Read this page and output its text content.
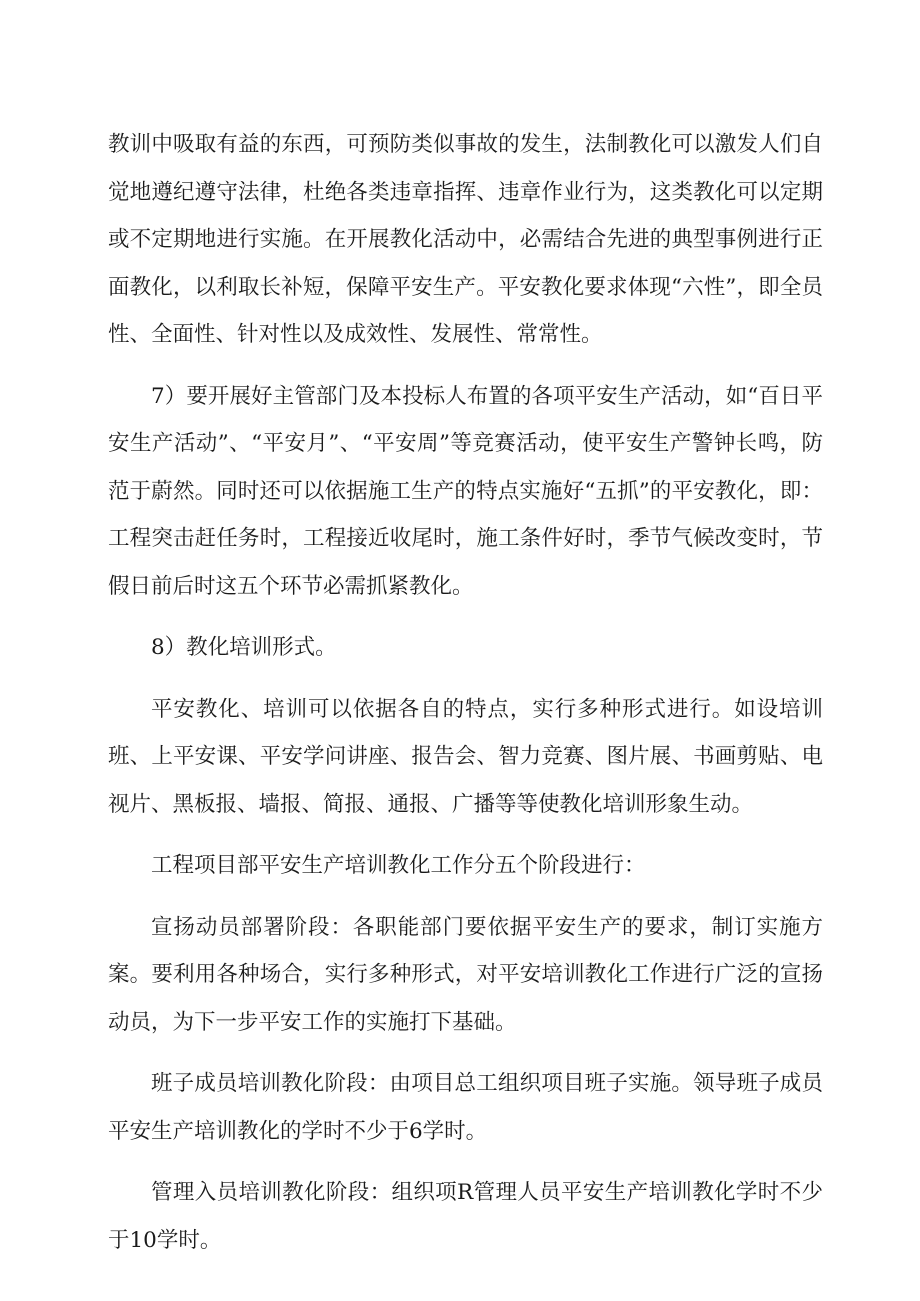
教训中吸取有益的东西，可预防类似事故的发生，法制教化可以激发人们自觉地遵纪遵守法律，杜绝各类违章指挥、违章作业行为，这类教化可以定期或不定期地进行实施。在开展教化活动中，必需结合先进的典型事例进行正面教化，以利取长补短，保障平安生产。平安教化要求体现“六性”，即全员性、全面性、针对性以及成效性、发展性、常常性。

7）要开展好主管部门及本投标人布置的各项平安生产活动，如“百日平安生产活动”、“平安月”、“平安周”等竞赛活动，使平安生产警钟长鸣，防范于蔚然。同时还可以依据施工生产的特点实施好“五抓”的平安教化，即：工程突击赶任务时，工程接近收尾时，施工条件好时，季节气候改变时，节假日前后时这五个环节必需抓紧教化。

8）教化培训形式。

平安教化、培训可以依据各自的特点，实行多种形式进行。如设培训班、上平安课、平安学问讲座、报告会、智力竞赛、图片展、书画剪贴、电视片、黑板报、墙报、简报、通报、广播等等使教化培训形象生动。

工程项目部平安生产培训教化工作分五个阶段进行：

宣扬动员部署阶段：各职能部门要依据平安生产的要求，制订实施方案。要利用各种场合，实行多种形式，对平安培训教化工作进行广泛的宣扬动员，为下一步平安工作的实施打下基础。

班子成员培训教化阶段：由项目总工组织项目班子实施。领导班子成员平安生产培训教化的学时不少于6学时。

管理入员培训教化阶段：组织项R管理人员平安生产培训教化学时不少于10学时。
